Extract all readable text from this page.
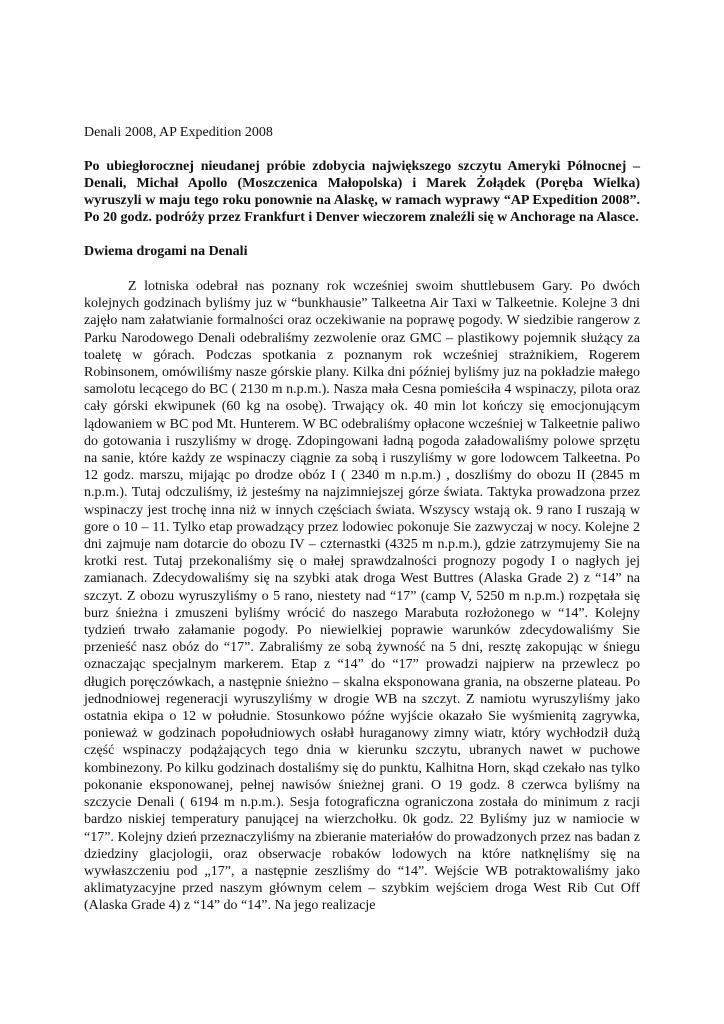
Denali 2008, AP Expedition 2008

Po ubiegłorocznej nieudanej próbie zdobycia największego szczytu Ameryki Północnej – Denali, Michał Apollo (Moszczenica Małopolska) i Marek Żołądek (Poręba Wielka) wyruszyli w maju tego roku ponownie na Alaskę, w ramach wyprawy “AP Expedition 2008”. Po 20 godz. podróży przez Frankfurt i Denver wieczorem znaleźli się w Anchorage na Alasce.

Dwiema drogami na Denali

Z lotniska odebrał nas poznany rok wcześniej swoim shuttlebusem Gary. Po dwóch kolejnych godzinach byliśmy juz w “bunkhausie” Talkeetna Air Taxi w Talkeetnie. Kolejne 3 dni zajęło nam załatwianie formalności oraz oczekiwanie na poprawę pogody. W siedzibie rangerow z Parku Narodowego Denali odebraliśmy zezwolenie oraz GMC – plastikowy pojemnik służący za toaletę w górach. Podczas spotkania z poznanym rok wcześniej strażnikiem, Rogerem Robinsonem, omówiliśmy nasze górskie plany. Kilka dni później byliśmy juz na pokładzie małego samolotu lecącego do BC ( 2130 m n.p.m.). Nasza mała Cesna pomieściła 4 wspinaczy, pilota oraz cały górski ekwipunek (60 kg na osobę). Trwający ok. 40 min lot kończy się emocjonującym lądowaniem w BC pod Mt. Hunterem. W BC odebraliśmy opłacone wcześniej w Talkeetnie paliwo do gotowania i ruszyliśmy w drogę. Zdopingowani ładną pogoda załadowaliśmy polowe sprzętu na sanie, które każdy ze wspinaczy ciągnie za sobą i ruszyliśmy w gore lodowcem Talkeetna. Po 12 godz. marszu, mijając po drodze obóz I ( 2340 m n.p.m.) , doszliśmy do obozu II (2845 m n.p.m.). Tutaj odczuliśmy, iż jesteśmy na najzimniejszej górze świata. Taktyka prowadzona przez wspinaczy jest trochę inna niż w innych częściach świata. Wszyscy wstają ok. 9 rano I ruszają w gore o 10 – 11. Tylko etap prowadzący przez lodowiec pokonuje Sie zazwyczaj w nocy. Kolejne 2 dni zajmuje nam dotarcie do obozu IV – czternastki (4325 m n.p.m.), gdzie zatrzymujemy Sie na krotki rest. Tutaj przekonaliśmy się o małej sprawdzalności prognozy pogody I o nagłych jej zamianach. Zdecydowaliśmy się na szybki atak droga West Buttres (Alaska Grade 2) z “14” na szczyt. Z obozu wyruszyliśmy o 5 rano, niestety nad “17” (camp V, 5250 m n.p.m.) rozpętała się burz śnieżna i zmuszeni byliśmy wrócić do naszego Marabuta rozłożonego w “14”. Kolejny tydzień trwało załamanie pogody. Po niewielkiej poprawie warunków zdecydowaliśmy Sie przenieść nasz obóz do “17”. Zabraliśmy ze sobą żywność na 5 dni, resztę zakopując w śniegu oznaczając specjalnym markerem. Etap z “14” do “17” prowadzi najpierw na przewlecz po długich poręczówkach, a następnie śnieżno – skalna eksponowana grania, na obszerne plateau. Po jednodniowej regeneracji wyruszyliśmy w drogie WB na szczyt. Z namiotu wyruszyliśmy jako ostatnia ekipa o 12 w południe. Stosunkowo późne wyjście okazało Sie wyśmienitą zagrywka, ponieważ w godzinach popołudniowych osłabł huraganowy zimny wiatr, który wychłodził dużą część wspinaczy podążających tego dnia w kierunku szczytu, ubranych nawet w puchowe kombinezony. Po kilku godzinach dostaliśmy się do punktu, Kalhitna Horn, skąd czekało nas tylko pokonanie eksponowanej, pełnej nawisów śnieżnej grani. O 19 godz. 8 czerwca byliśmy na szczycie Denali ( 6194 m n.p.m.). Sesja fotograficzna ograniczona została do minimum z racji bardzo niskiej temperatury panującej na wierzchołku. 0k godz. 22 Byliśmy juz w namiocie w “17”. Kolejny dzień przeznaczyliśmy na zbieranie materiałów do prowadzonych przez nas badan z dziedziny glacjologii, oraz obserwacje robaków lodowych na które natknęliśmy się na wywłaszczeniu pod „17”, a następnie zeszliśmy do “14”. Wejście WB potraktowaliśmy jako aklimatyzacyjne przed naszym głównym celem – szybkim wejściem droga West Rib Cut Off (Alaska Grade 4) z “14” do “14”. Na jego realizacje
